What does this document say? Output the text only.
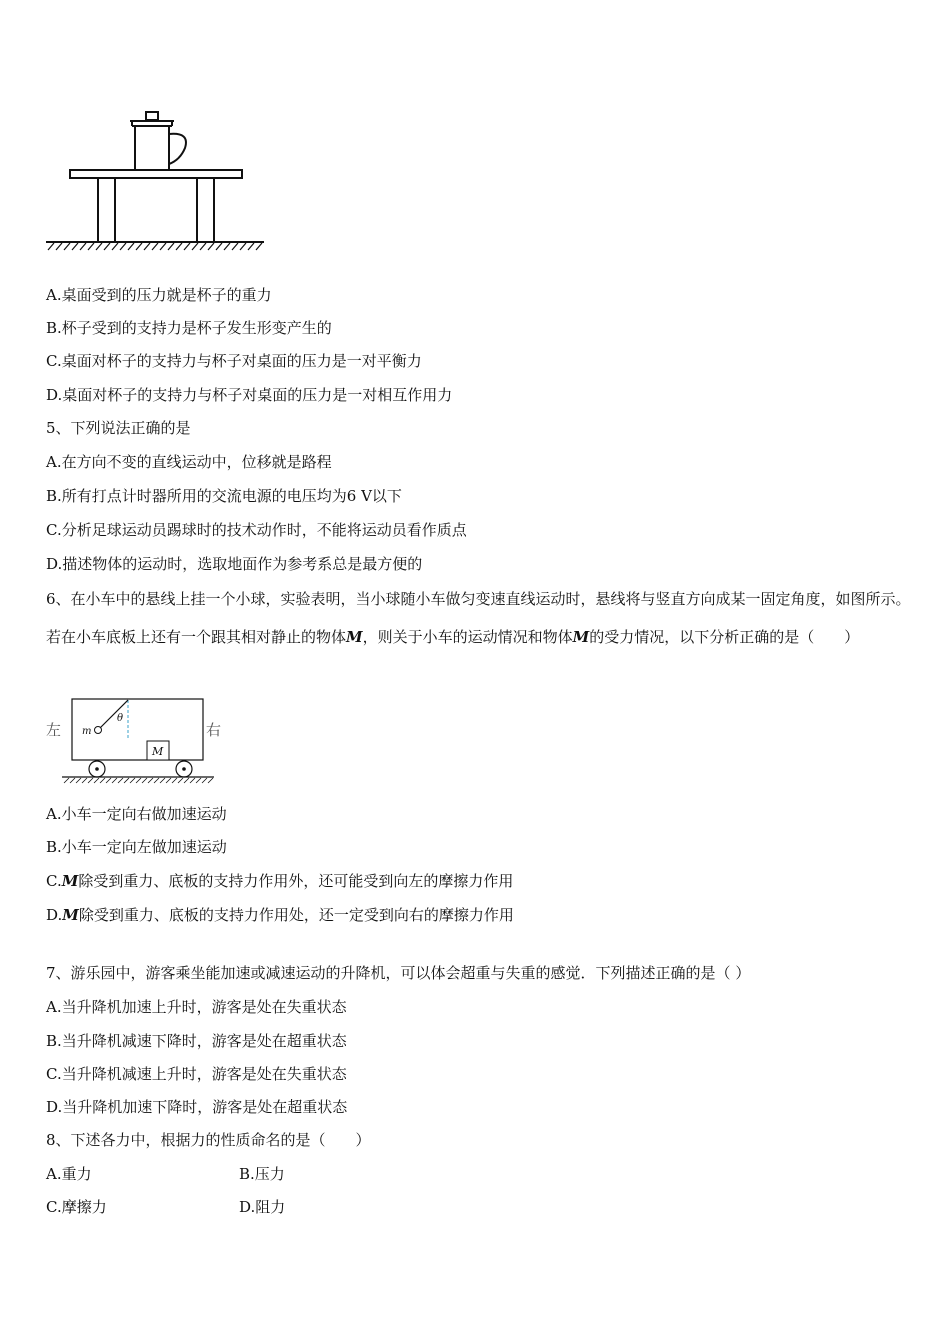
A.桌面受到的压力就是杯子的重力
B.杯子受到的支持力是杯子发生形变产生的
C.桌面对杯子的支持力与杯子对桌面的压力是一对平衡力
D.桌面对杯子的支持力与杯子对桌面的压力是一对相互作用力
5、下列说法正确的是
A.在方向不变的直线运动中，位移就是路程
B.所有打点计时器所用的交流电源的电压均为6 V以下
C.分析足球运动员踢球时的技术动作时，不能将运动员看作质点
D.描述物体的运动时，选取地面作为参考系总是最方便的
6、在小车中的悬线上挂一个小球，实验表明，当小球随小车做匀变速直线运动时，悬线将与竖直方向成某一固定角度，如图所示。若在小车底板上还有一个跟其相对静止的物体M，则关于小车的运动情况和物体M的受力情况，以下分析正确的是（　　）
左	右
m
θ
M
A.小车一定向右做加速运动
B.小车一定向左做加速运动
C.M除受到重力、底板的支持力作用外，还可能受到向左的摩擦力作用
D.M除受到重力、底板的支持力作用处，还一定受到向右的摩擦力作用
7、游乐园中，游客乘坐能加速或减速运动的升降机，可以体会超重与失重的感觉．下列描述正确的是（ ）
A.当升降机加速上升时，游客是处在失重状态
B.当升降机减速下降时，游客是处在超重状态
C.当升降机减速上升时，游客是处在失重状态
D.当升降机加速下降时，游客是处在超重状态
8、下述各力中，根据力的性质命名的是（　　）
A.重力	B.压力
C.摩擦力	D.阻力
